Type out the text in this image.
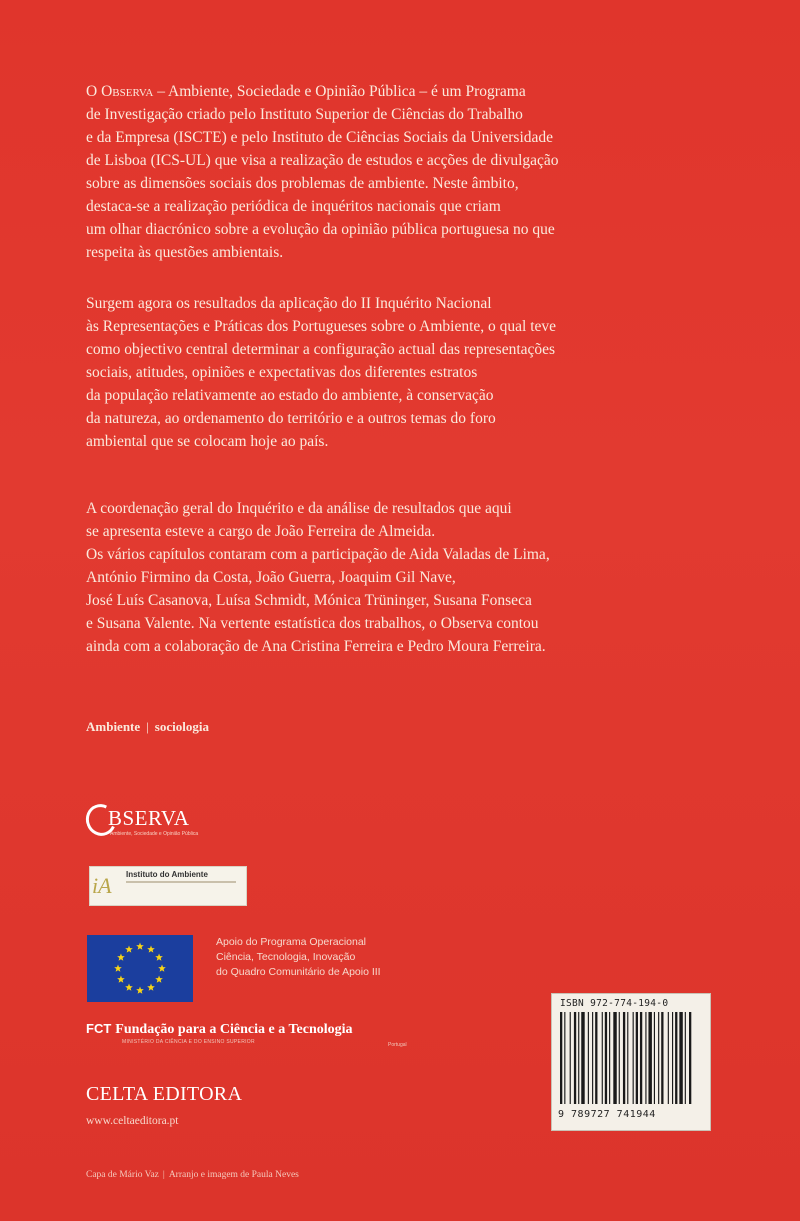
O Observa – Ambiente, Sociedade e Opinião Pública – é um Programa
de Investigação criado pelo Instituto Superior de Ciências do Trabalho
e da Empresa (ISCTE) e pelo Instituto de Ciências Sociais da Universidade
de Lisboa (ICS-UL) que visa a realização de estudos e acções de divulgação
sobre as dimensões sociais dos problemas de ambiente. Neste âmbito,
destaca-se a realização periódica de inquéritos nacionais que criam
um olhar diacrónico sobre a evolução da opinião pública portuguesa no que
respeita às questões ambientais.

Surgem agora os resultados da aplicação do II Inquérito Nacional
às Representações e Práticas dos Portugueses sobre o Ambiente, o qual teve
como objectivo central determinar a configuração actual das representações
sociais, atitudes, opiniões e expectativas dos diferentes estratos
da população relativamente ao estado do ambiente, à conservação
da natureza, ao ordenamento do território e a outros temas do foro
ambiental que se colocam hoje ao país.

A coordenação geral do Inquérito e da análise de resultados que aqui
se apresenta esteve a cargo de João Ferreira de Almeida.
Os vários capítulos contaram com a participação de Aida Valadas de Lima,
António Firmino da Costa, João Guerra, Joaquim Gil Nave,
José Luís Casanova, Luísa Schmidt, Mónica Trüninger, Susana Fonseca
e Susana Valente. Na vertente estatística dos trabalhos, o Observa contou
ainda com a colaboração de Ana Cristina Ferreira e Pedro Moura Ferreira.

Ambiente | sociologia
BSERVA
Ambiente, Sociedade e Opinião Pública
iA	Instituto do Ambiente
Apoio do Programa Operacional
Ciência, Tecnologia, Inovação
do Quadro Comunitário de Apoio III
FCT Fundação para a Ciência e a Tecnologia
MINISTÉRIO DA CIÊNCIA E DO ENSINO SUPERIOR	Portugal
CELTA EDITORA
www.celtaeditora.pt
Capa de Mário Vaz | Arranjo e imagem de Paula Neves
ISBN 972-774-194-0
9 789727 741944
